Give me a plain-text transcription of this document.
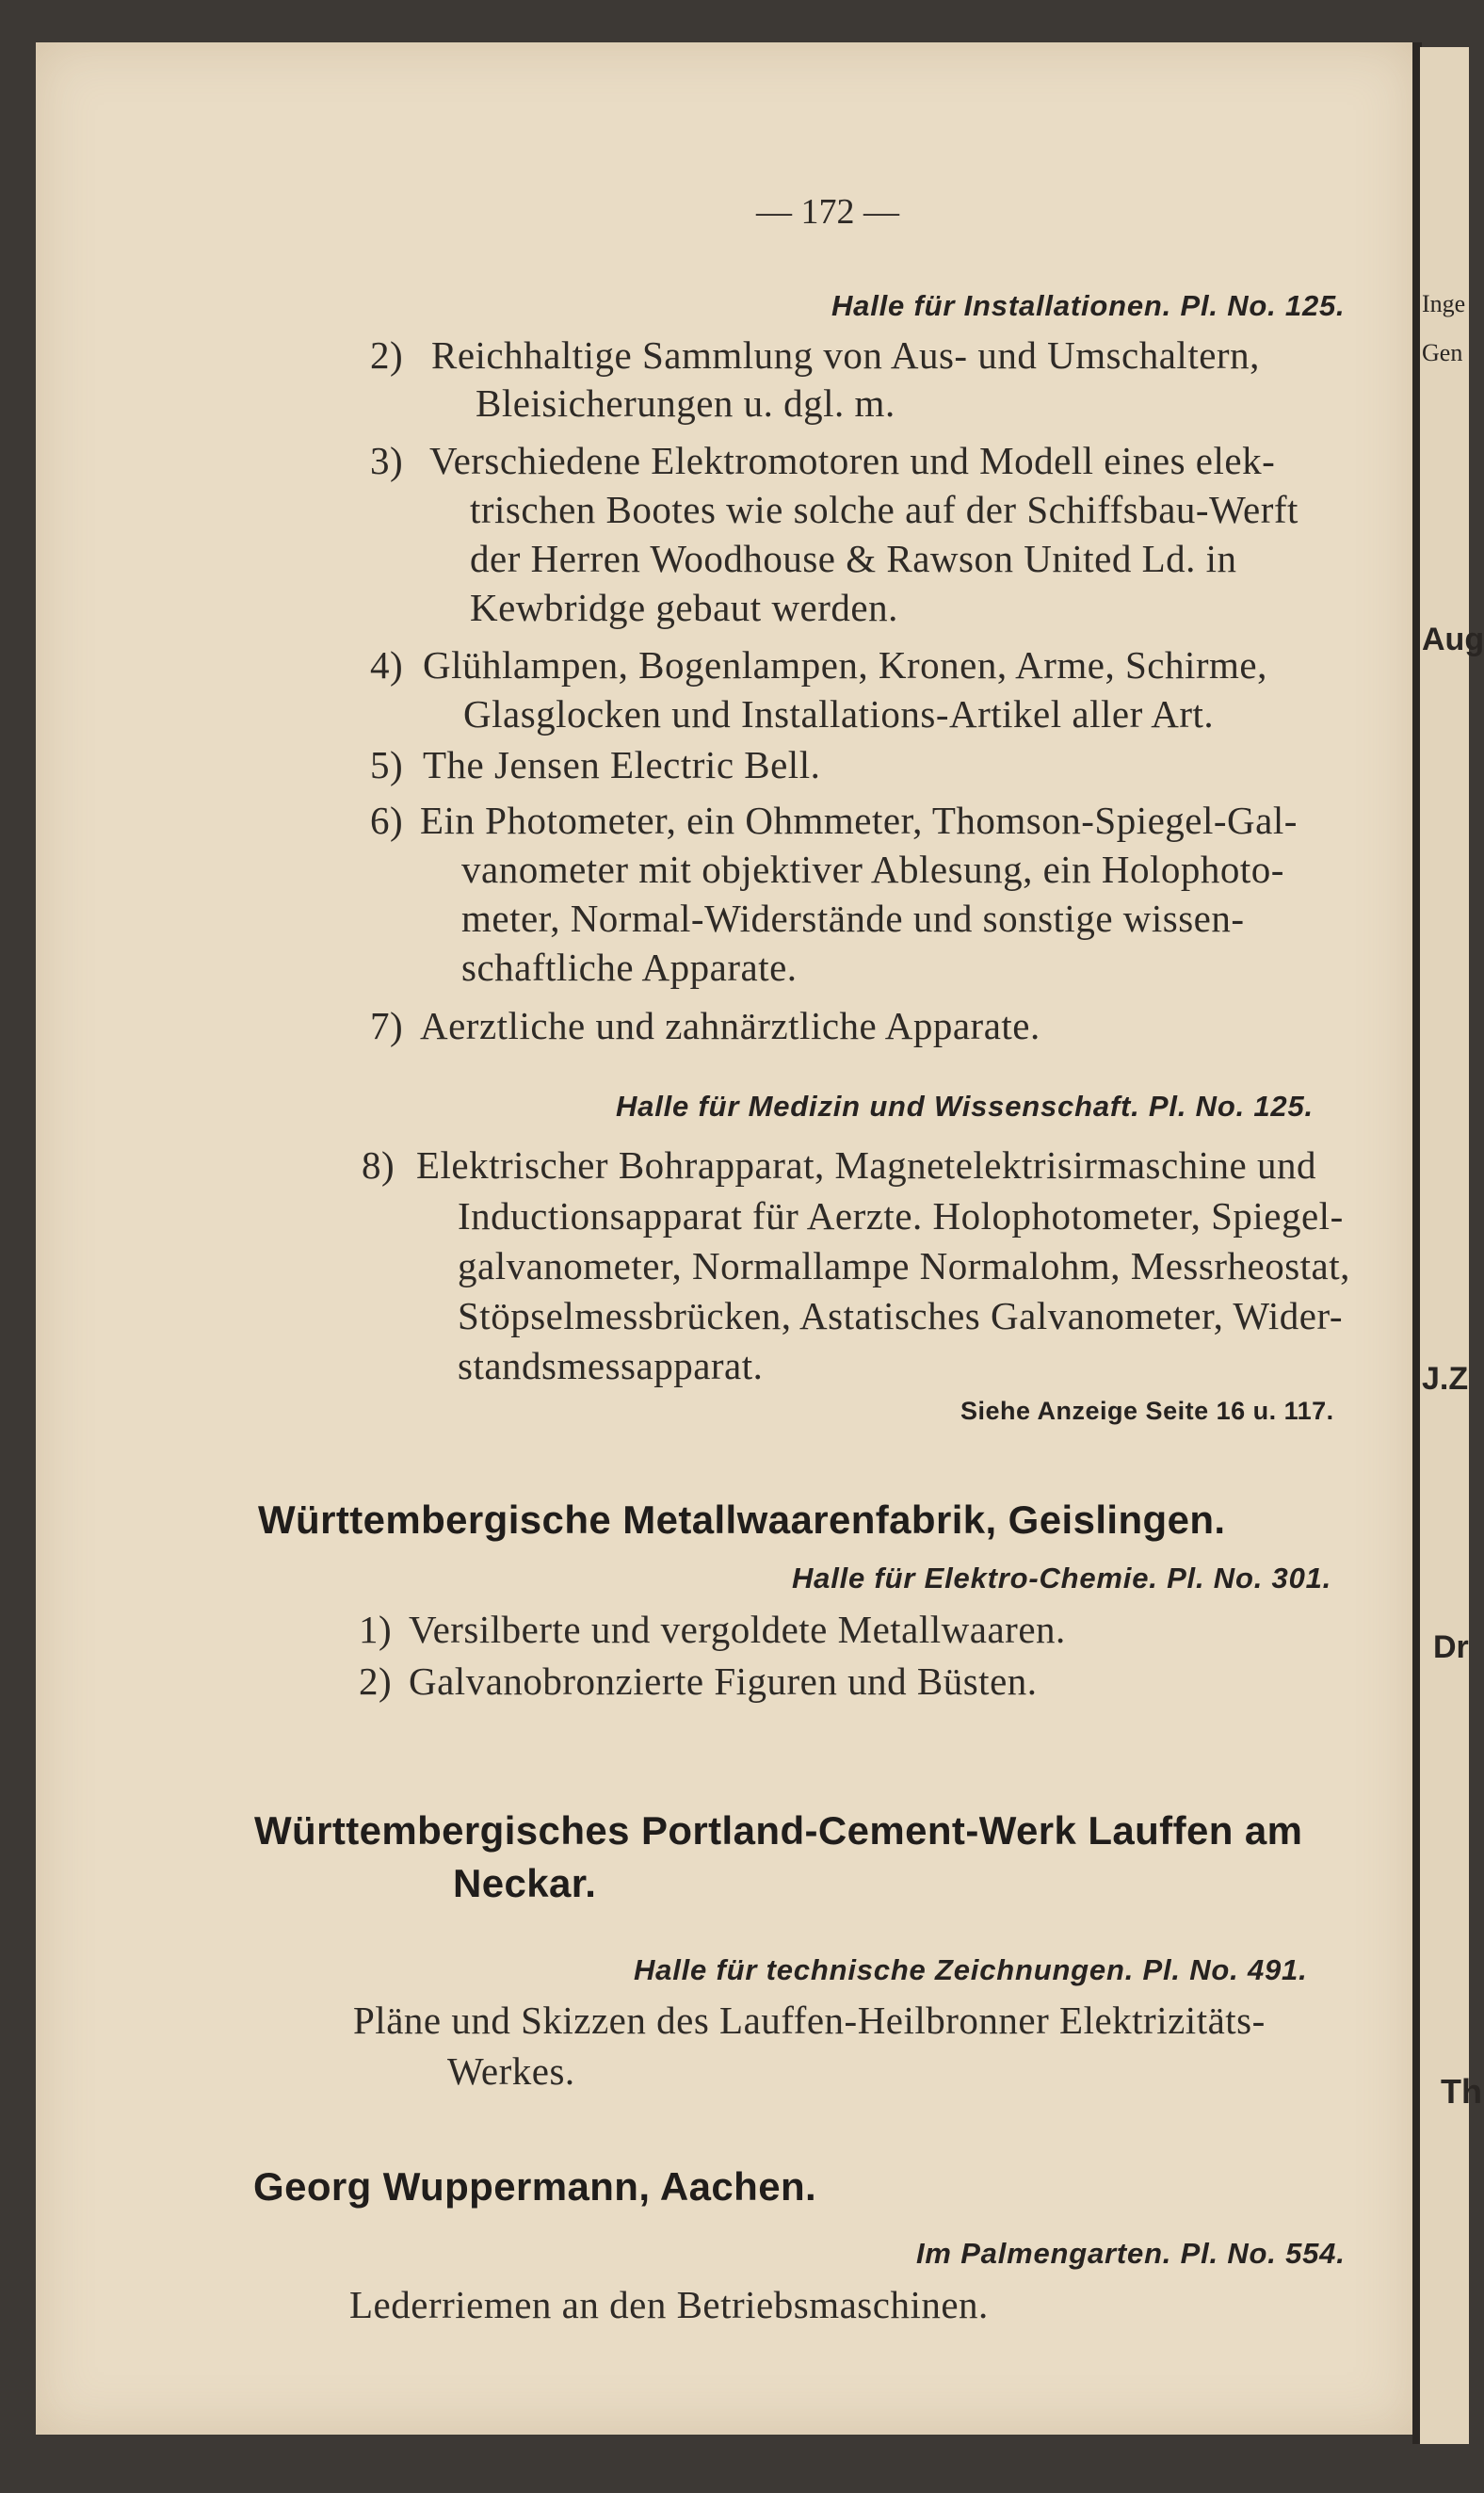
— 172 —
Halle für Installationen. Pl. No. 125.
2) Reichhaltige Sammlung von Aus- und Umschaltern,
Bleisicherungen u. dgl. m.
3) Verschiedene Elektromotoren und Modell eines elek-
trischen Bootes wie solche auf der Schiffsbau-Werft
der Herren Woodhouse & Rawson United Ld. in
Kewbridge gebaut werden.
4) Glühlampen, Bogenlampen, Kronen, Arme, Schirme,
Glasglocken und Installations-Artikel aller Art.
5) The Jensen Electric Bell.
6) Ein Photometer, ein Ohmmeter, Thomson-Spiegel-Gal-
vanometer mit objektiver Ablesung, ein Holophoto-
meter, Normal-Widerstände und sonstige wissen-
schaftliche Apparate.
7) Aerztliche und zahnärztliche Apparate.
Halle für Medizin und Wissenschaft. Pl. No. 125.
8) Elektrischer Bohrapparat, Magnetelektrisirmaschine und
Inductionsapparat für Aerzte. Holophotometer, Spiegel-
galvanometer, Normallampe Normalohm, Messrheostat,
Stöpselmessbrücken, Astatisches Galvanometer, Wider-
standsmessapparat.
Siehe Anzeige Seite 16 u. 117.
Württembergische Metallwaarenfabrik, Geislingen.
Halle für Elektro-Chemie. Pl. No. 301.
1) Versilberte und vergoldete Metallwaaren.
2) Galvanobronzierte Figuren und Büsten.
Württembergisches Portland-Cement-Werk Lauffen am
Neckar.
Halle für technische Zeichnungen. Pl. No. 491.
Pläne und Skizzen des Lauffen-Heilbronner Elektrizitäts-
Werkes.
Georg Wuppermann, Aachen.
Im Palmengarten. Pl. No. 554.
Lederriemen an den Betriebsmaschinen.
Inge
Gen
Aug
J.Z
Dr
Th
